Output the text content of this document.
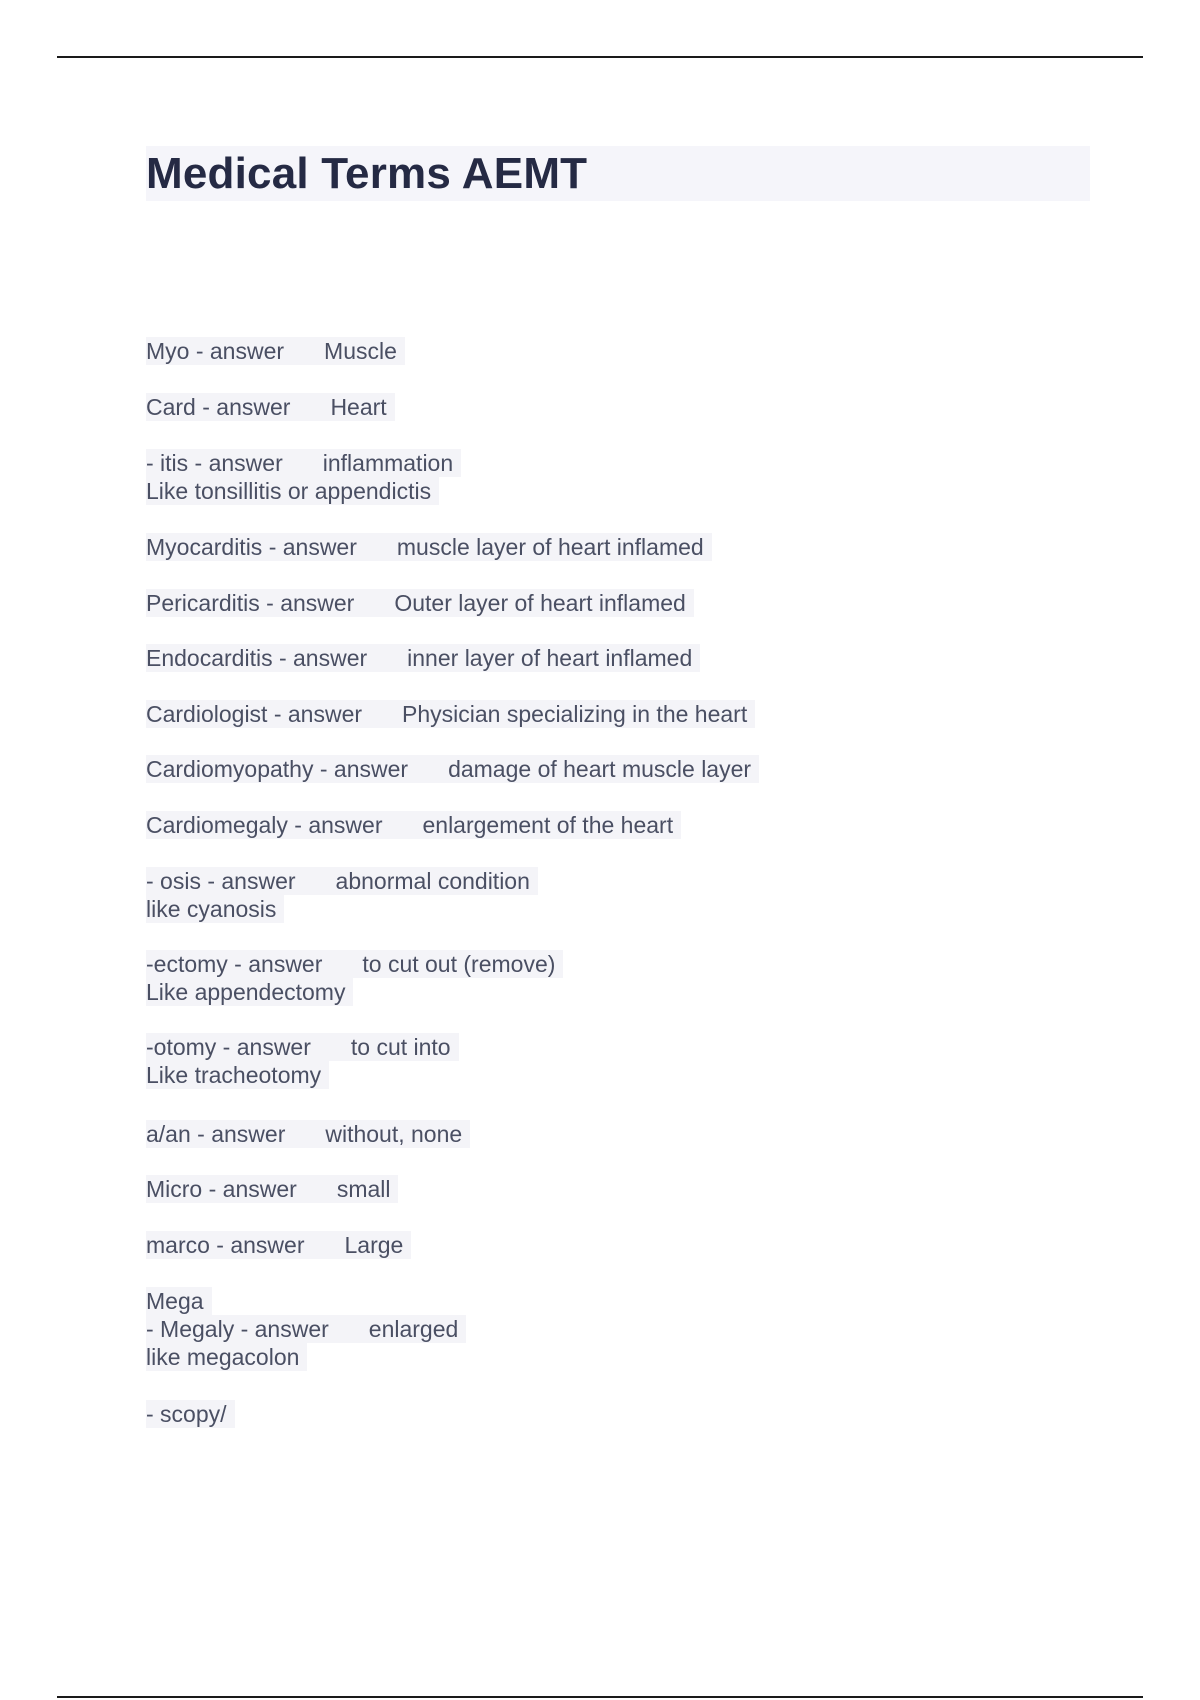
Medical Terms AEMT
Myo - answer Muscle
Card - answer Heart
- itis - answer inflammation
Like tonsillitis or appendictis
Myocarditis - answer muscle layer of heart inflamed
Pericarditis - answer Outer layer of heart inflamed
Endocarditis - answer inner layer of heart inflamed
Cardiologist - answer Physician specializing in the heart
Cardiomyopathy - answer damage of heart muscle layer
Cardiomegaly - answer enlargement of the heart
- osis - answer abnormal condition
like cyanosis
-ectomy - answer to cut out (remove)
Like appendectomy
-otomy - answer to cut into
Like tracheotomy
a/an - answer without, none
Micro - answer small
marco - answer Large
Mega
- Megaly - answer enlarged
like megacolon
- scopy/
